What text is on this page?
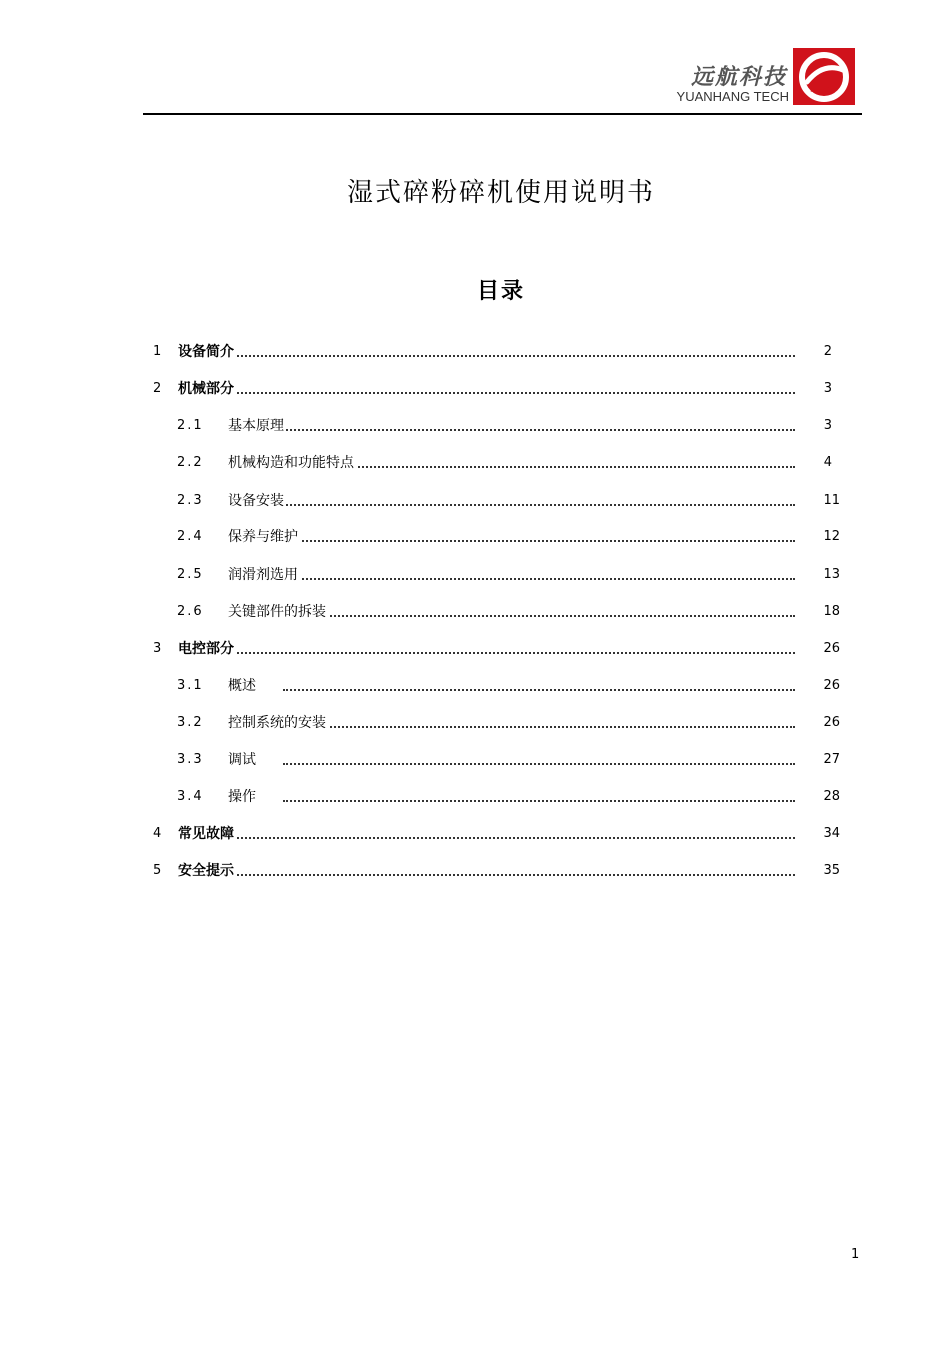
远航科技
YUANHANG TECH
湿式碎粉碎机使用说明书
目录
1 设备简介	2
2 机械部分	3
2.1 基本原理	3
2.2 机械构造和功能特点	4
2.3 设备安装	11
2.4 保养与维护	12
2.5 润滑剂选用	13
2.6 关键部件的拆装	18
3 电控部分	26
3.1 概述	26
3.2 控制系统的安装	26
3.3 调试	27
3.4 操作	28
4 常见故障	34
5 安全提示	35
1
